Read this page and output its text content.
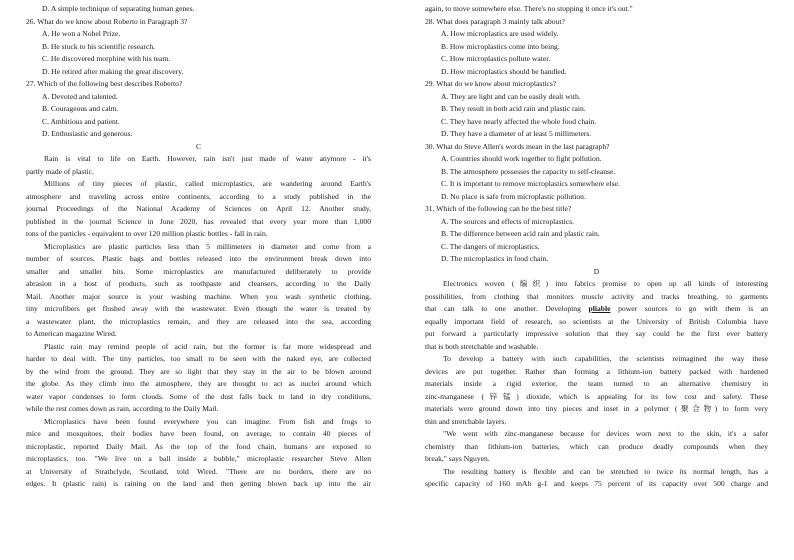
D. A simple technique of separating human genes.
26. What do we know about Roberto in Paragraph 3?
A. He won a Nobel Prize.
B. He stuck to his scientific research.
C. He discovered morphine with his team.
D. He retired after making the great discovery.
27. Which of the following best describes Roberto?
A. Devoted and talented.
B. Courageous and calm.
C. Ambitious and patient.
D. Enthusiastic and generous.
C
Rain is vital to life on Earth. However, rain isn't just made of water anymore - it's
partly made of plastic.
Millions of tiny pieces of plastic, called microplastics, are wandering around Earth's
atmosphere and traveling across entire continents, according to a study published in the
journal Proceedings of the National Academy of Sciences on April 12. Another study,
published in the journal Science in June 2020, has revealed that every year more than 1,000
tons of the particles - equivalent to over 120 million plastic bottles - fall in rain.
Microplastics are plastic particles less than 5 millimeters in diameter and come from a
number of sources. Plastic bags and bottles released into the environment break down into
smaller and smaller bits. Some microplastics are manufactured deliberately to provide
abrasion in a host of products, such as toothpaste and cleansers, according to the Daily
Mail. Another major source is your washing machine. When you wash synthetic clothing,
tiny microfibers get flushed away with the wastewater. Even though the water is treated by
a wastewater plant, the microplastics remain, and they are released into the sea, according
to American magazine Wired.
Plastic rain may remind people of acid rain, but the former is far more widespread and
harder to deal with. The tiny particles, too small to be seen with the naked eye, are collected
by the wind from the ground. They are so light that they stay in the air to be blown around
the globe. As they climb into the atmosphere, they are thought to act as nuclei around which
water vapor condenses to form clouds. Some of the dust falls back to land in dry conditions,
while the rest comes down as rain, according to the Daily Mail.
Microplastics have been found everywhere you can imagine. From fish and frogs to
mice and mosquitoes, their bodies have been found, on average, to contain 40 pieces of
microplastic, reported Daily Mail. As the top of the food chain, humans are exposed to
microplastics, too. "We live on a ball inside a bubble," microplastic researcher Steve Allen
at University of Strathclyde, Scotland, told Wired. "There are no borders, there are no
edges. It (plastic rain) is raining on the land and then getting blown back up into the air
again, to move somewhere else. There's no stopping it once it's out."
28. What does paragraph 3 mainly talk about?
A. How microplastics are used widely.
B. How microplastics come into being.
C. How microplastics pollute water.
D. How microplastics should be handled.
29. What do we know about microplastics?
A. They are light and can be easily dealt with.
B. They result in both acid rain and plastic rain.
C. They have nearly affected the whole food chain.
D. They have a diameter of at least 5 millimeters.
30. What do Steve Allen's words mean in the last paragraph?
A. Countries should work together to fight pollution.
B. The atmosphere possesses the capacity to self-cleanse.
C. It is important to remove microplastics somewhere else.
D. No place is safe from microplastic pollution.
31. Which of the following can be the best title?
A. The sources and effects of microplastics.
B. The difference between acid rain and plastic rain.
C. The dangers of microplastics.
D. The microplastics in food chain.
D
Electronics woven (编织) into fabrics promise to open up all kinds of interesting
possibilities, from clothing that monitors muscle activity and tracks breathing, to garments
that can talk to one another. Developing pliable power sources to go with them is an
equally important field of research, so scientists at the University of British Columbia have
put forward a particularly impressive solution that they say could be the first ever battery
that is both stretchable and washable.
To develop a battery with such capabilities, the scientists reimagined the way these
devices are put together. Rather than forming a lithium-ion battery packed with hardened
materials inside a rigid exterior, the team turned to an alternative chemistry in
zinc-manganese (锌锰) dioxide, which is appealing for its low cost and safety. These
materials were ground down into tiny pieces and inset in a polymer (聚合物) to form very
thin and stretchable layers.
"We went with zinc-manganese because for devices worn next to the skin, it's a safer
chemistry than lithium-ion batteries, which can produce deadly compounds when they
break," says Nguyen.
The resulting battery is flexible and can be stretched to twice its normal length, has a
specific capacity of 160 mAh g-1 and keeps 75 percent of its capacity over 500 charge and
